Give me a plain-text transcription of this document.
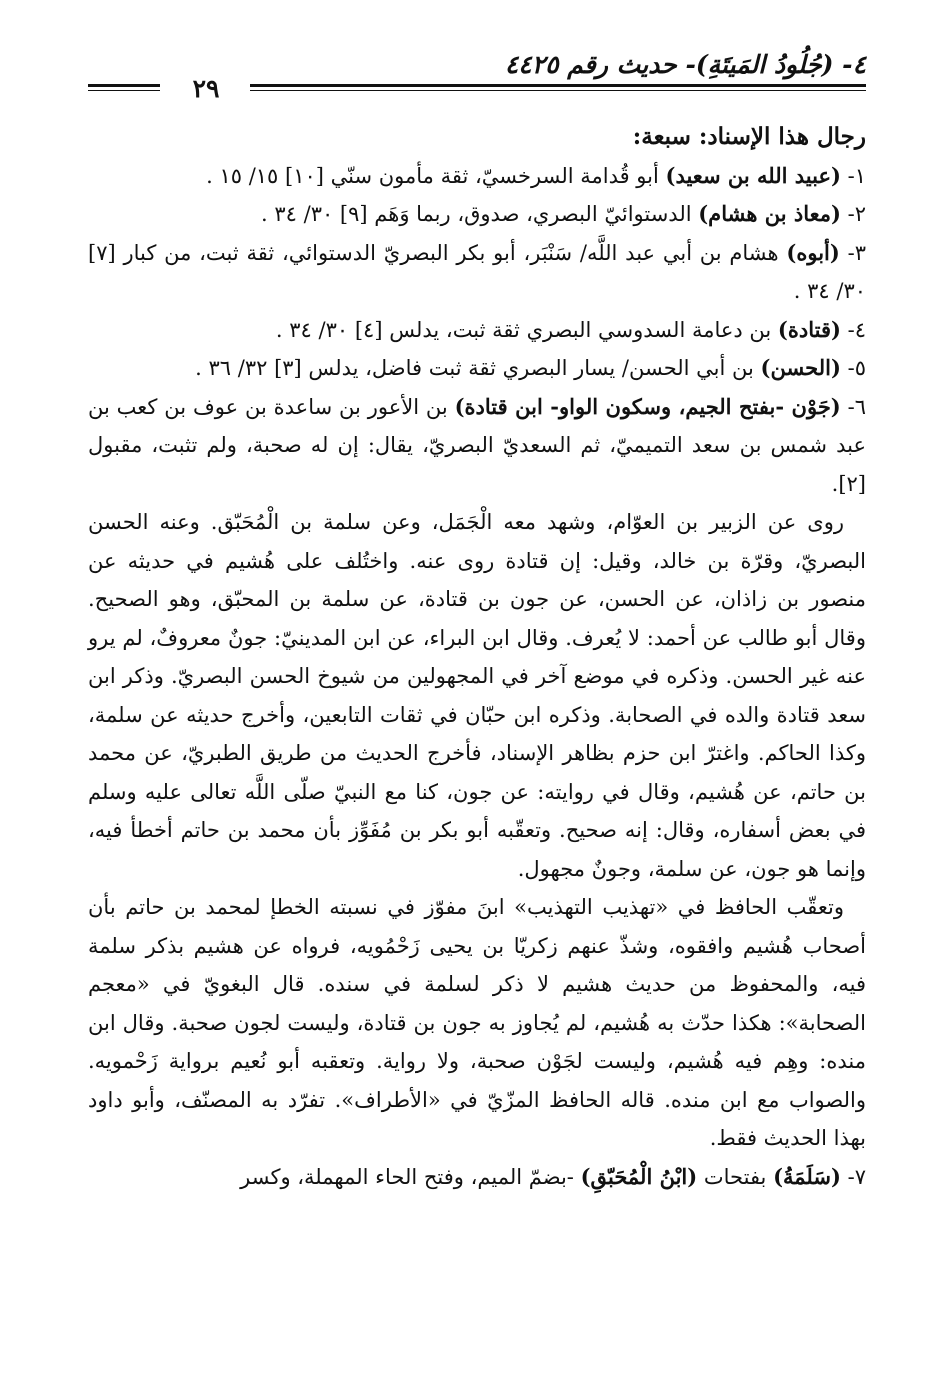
٤- (جُلُودُ المَيتَةِ)- حديث رقم ٤٤٢٥
٢٩

رجال هذا الإسناد: سبعة:

١- (عبيد الله بن سعيد) أبو قُدامة السرخسيّ، ثقة مأمون سنّي [١٠] ١٥/ ١٥ .

٢- (معاذ بن هشام) الدستوائيّ البصري، صدوق، ربما وَهَم [٩] ٣٠/ ٣٤ .

٣- (أبوه) هشام بن أبي عبد اللَّه/ سَنْبَر، أبو بكر البصريّ الدستوائي، ثقة ثبت، من كبار [٧] ٣٠/ ٣٤ .

٤- (قتادة) بن دعامة السدوسي البصري ثقة ثبت، يدلس [٤] ٣٠/ ٣٤ .

٥- (الحسن) بن أبي الحسن/ يسار البصري ثقة ثبت فاضل، يدلس [٣] ٣٢/ ٣٦ .

٦- (جَوْن -بفتح الجيم، وسكون الواو- ابن قتادة) بن الأعور بن ساعدة بن عوف بن كعب بن عبد شمس بن سعد التميميّ، ثم السعديّ البصريّ، يقال: إن له صحبة، ولم تثبت، مقبول [٢].

روى عن الزبير بن العوّام، وشهد معه الْجَمَل، وعن سلمة بن الْمُحَبّق. وعنه الحسن البصريّ، وقرّة بن خالد، وقيل: إن قتادة روى عنه. واختُلف على هُشيم في حديثه عن منصور بن زاذان، عن الحسن، عن جون بن قتادة، عن سلمة بن المحبّق، وهو الصحيح. وقال أبو طالب عن أحمد: لا يُعرف. وقال ابن البراء، عن ابن المدينيّ: جونٌ معروفٌ، لم يرو عنه غير الحسن. وذكره في موضع آخر في المجهولين من شيوخ الحسن البصريّ. وذكر ابن سعد قتادة والده في الصحابة. وذكره ابن حبّان في ثقات التابعين، وأخرج حديثه عن سلمة، وكذا الحاكم. واغترّ ابن حزم بظاهر الإسناد، فأخرج الحديث من طريق الطبريّ، عن محمد بن حاتم، عن هُشيم، وقال في روايته: عن جون، كنا مع النبيّ صلّى اللَّه تعالى عليه وسلم في بعض أسفاره، وقال: إنه صحيح. وتعقّبه أبو بكر بن مُفَوِّز بأن محمد بن حاتم أخطأ فيه، وإنما هو جون، عن سلمة، وجونٌ مجهول.

وتعقّب الحافظ في «تهذيب التهذيب» ابنَ مفوّز في نسبته الخطإ لمحمد بن حاتم بأن أصحاب هُشيم وافقوه، وشذّ عنهم زكريّا بن يحيى زَحْمُويه، فرواه عن هشيم بذكر سلمة فيه، والمحفوظ من حديث هشيم لا ذكر لسلمة في سنده. قال البغويّ في «معجم الصحابة»: هكذا حدّث به هُشيم، لم يُجاوز به جون بن قتادة، وليست لجون صحبة. وقال ابن منده: وهِم فيه هُشيم، وليست لجَوْن صحبة، ولا رواية. وتعقبه أبو نُعيم برواية زَحْمويه. والصواب مع ابن منده. قاله الحافظ المزّيّ في «الأطراف». تفرّد به المصنّف، وأبو داود بهذا الحديث فقط.

٧- (سَلَمَةُ) بفتحات (ابْنُ الْمُحَبّقِ) -بضمّ الميم، وفتح الحاء المهملة، وكسر
